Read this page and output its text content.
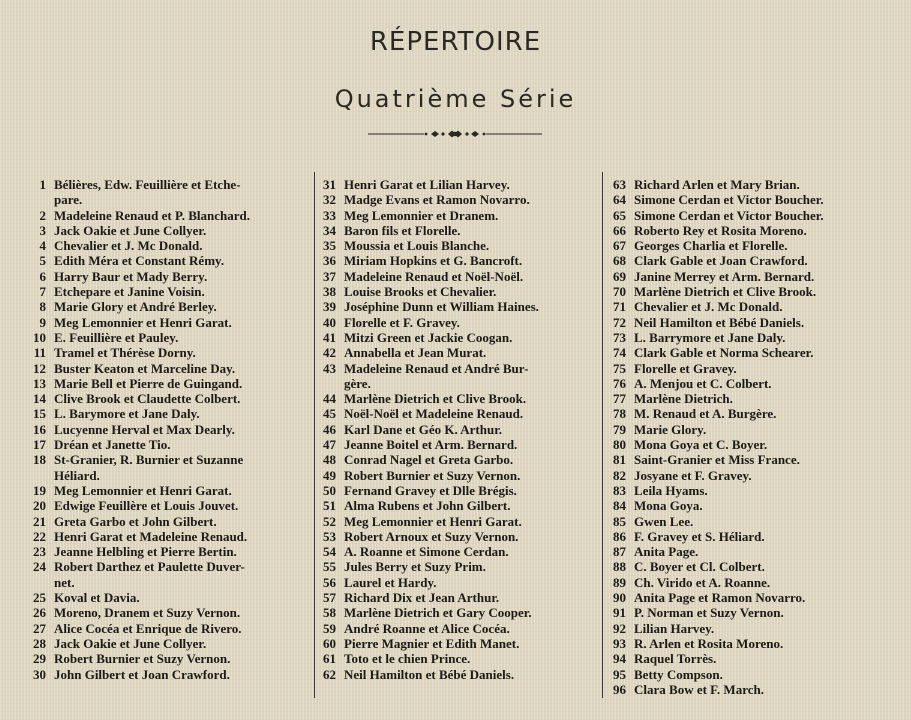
RÉPERTOIRE
Quatrième Série
1 Bélières, Edw. Feuillière et Etche-
pare.
2 Madeleine Renaud et P. Blanchard.
3 Jack Oakie et June Collyer.
4 Chevalier et J. Mc Donald.
5 Edith Méra et Constant Rémy.
6 Harry Baur et Mady Berry.
7 Etchepare et Janine Voisin.
8 Marie Glory et André Berley.
9 Meg Lemonnier et Henri Garat.
10 E. Feuillière et Pauley.
11 Tramel et Thérèse Dorny.
12 Buster Keaton et Marceline Day.
13 Marie Bell et Pierre de Guingand.
14 Clive Brook et Claudette Colbert.
15 L. Barymore et Jane Daly.
16 Lucyenne Herval et Max Dearly.
17 Dréan et Janette Tio.
18 St-Granier, R. Burnier et Suzanne
Héliard.
19 Meg Lemonnier et Henri Garat.
20 Edwige Feuillère et Louis Jouvet.
21 Greta Garbo et John Gilbert.
22 Henri Garat et Madeleine Renaud.
23 Jeanne Helbling et Pierre Bertin.
24 Robert Darthez et Paulette Duver-
net.
25 Koval et Davia.
26 Moreno, Dranem et Suzy Vernon.
27 Alice Cocéa et Enrique de Rivero.
28 Jack Oakie et June Collyer.
29 Robert Burnier et Suzy Vernon.
30 John Gilbert et Joan Crawford.
31 Henri Garat et Lilian Harvey.
32 Madge Evans et Ramon Novarro.
33 Meg Lemonnier et Dranem.
34 Baron fils et Florelle.
35 Moussia et Louis Blanche.
36 Miriam Hopkins et G. Bancroft.
37 Madeleine Renaud et Noël-Noël.
38 Louise Brooks et Chevalier.
39 Joséphine Dunn et William Haines.
40 Florelle et F. Gravey.
41 Mitzi Green et Jackie Coogan.
42 Annabella et Jean Murat.
43 Madeleine Renaud et André Bur-
gère.
44 Marlène Dietrich et Clive Brook.
45 Noël-Noël et Madeleine Renaud.
46 Karl Dane et Géo K. Arthur.
47 Jeanne Boitel et Arm. Bernard.
48 Conrad Nagel et Greta Garbo.
49 Robert Burnier et Suzy Vernon.
50 Fernand Gravey et Dlle Brégis.
51 Alma Rubens et John Gilbert.
52 Meg Lemonnier et Henri Garat.
53 Robert Arnoux et Suzy Vernon.
54 A. Roanne et Simone Cerdan.
55 Jules Berry et Suzy Prim.
56 Laurel et Hardy.
57 Richard Dix et Jean Arthur.
58 Marlène Dietrich et Gary Cooper.
59 André Roanne et Alice Cocéa.
60 Pierre Magnier et Edith Manet.
61 Toto et le chien Prince.
62 Neil Hamilton et Bébé Daniels.
63 Richard Arlen et Mary Brian.
64 Simone Cerdan et Victor Boucher.
65 Simone Cerdan et Victor Boucher.
66 Roberto Rey et Rosita Moreno.
67 Georges Charlia et Florelle.
68 Clark Gable et Joan Crawford.
69 Janine Merrey et Arm. Bernard.
70 Marlène Dietrich et Clive Brook.
71 Chevalier et J. Mc Donald.
72 Neil Hamilton et Bébé Daniels.
73 L. Barrymore et Jane Daly.
74 Clark Gable et Norma Schearer.
75 Florelle et Gravey.
76 A. Menjou et C. Colbert.
77 Marlène Dietrich.
78 M. Renaud et A. Burgère.
79 Marie Glory.
80 Mona Goya et C. Boyer.
81 Saint-Granier et Miss France.
82 Josyane et F. Gravey.
83 Leila Hyams.
84 Mona Goya.
85 Gwen Lee.
86 F. Gravey et S. Héliard.
87 Anita Page.
88 C. Boyer et Cl. Colbert.
89 Ch. Virido et A. Roanne.
90 Anita Page et Ramon Novarro.
91 P. Norman et Suzy Vernon.
92 Lilian Harvey.
93 R. Arlen et Rosita Moreno.
94 Raquel Torrès.
95 Betty Compson.
96 Clara Bow et F. March.
